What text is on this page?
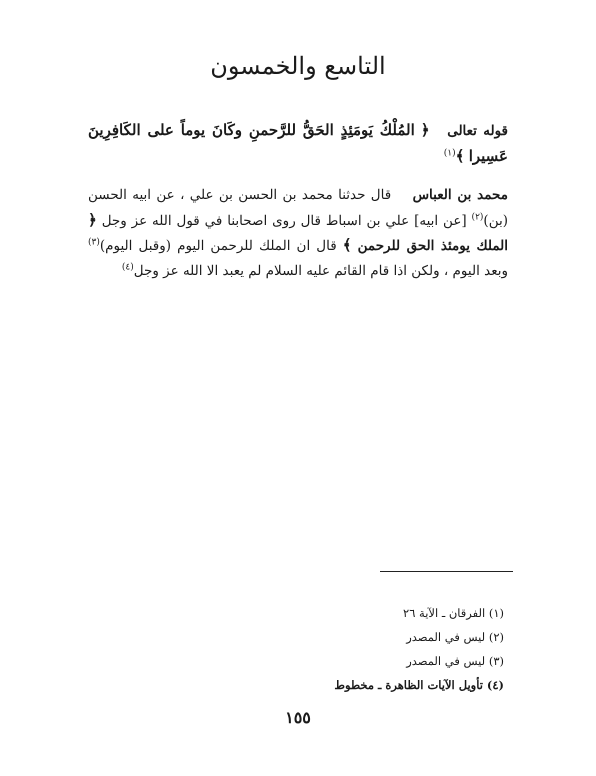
التاسع والخمسون
قوله تعالى   ﴿ المُلْكُ يَومَئِذٍ الحَقُّ للرَّحمنِ وكَانَ يوماً على الكَافِرِينَ عَسِيرا ﴾$^{(١)}$
محمد بن العباس    قال حدثنا محمد بن الحسن بن علي ، عن ابيه الحسن (بن)$^{(٢)}$ [عن ابيه] علي بن اسباط قال روى اصحابنا في قول الله عز وجل ﴿ الملك يومئذ الحق للرحمن ﴾ قال ان الملك للرحمن اليوم (وقبل اليوم)$^{(٣)}$ وبعد اليوم ، ولكن اذا قام القائم عليه السلام لم يعبد الا الله عز وجل$^{(٤)}$
(١) الفرقان ـ الآية ٢٦
(٢) ليس في المصدر
(٣) ليس في المصدر
(٤) تأويل الآيات الظاهرة ـ مخطوط
١٥٥
